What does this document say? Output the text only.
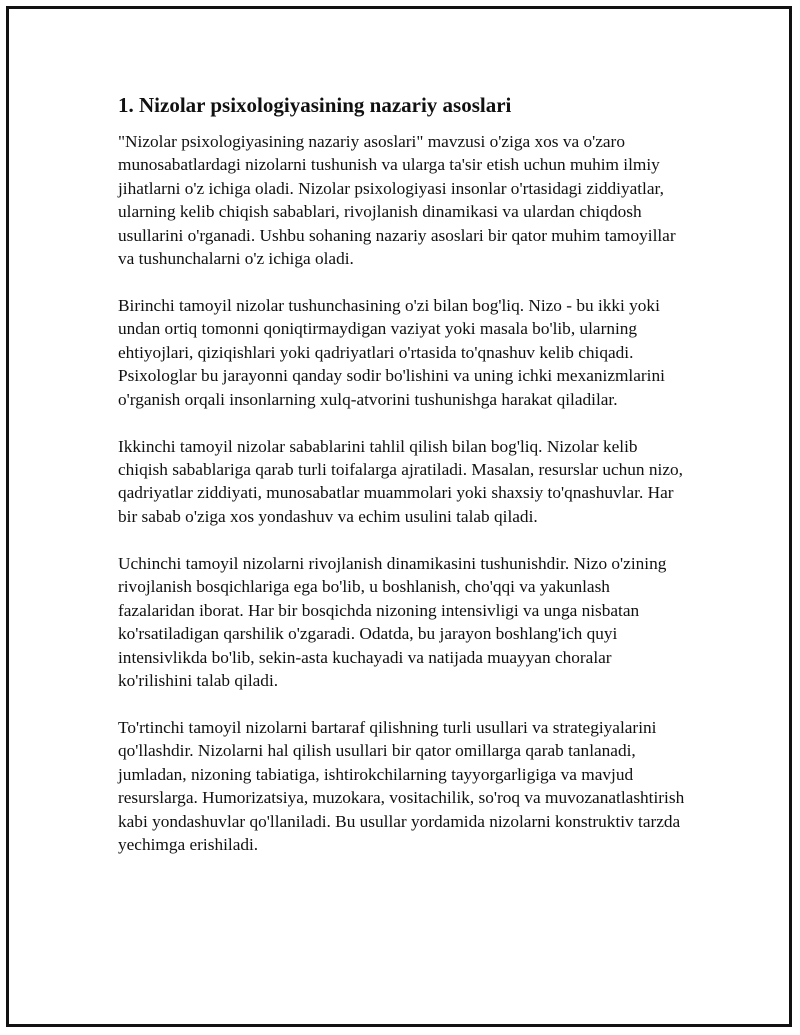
1. Nizolar psixologiyasining nazariy asoslari

"Nizolar psixologiyasining nazariy asoslari" mavzusi o'ziga xos va o'zaro munosabatlardagi nizolarni tushunish va ularga ta'sir etish uchun muhim ilmiy jihatlarni o'z ichiga oladi. Nizolar psixologiyasi insonlar o'rtasidagi ziddiyatlar, ularning kelib chiqish sabablari, rivojlanish dinamikasi va ulardan chiqdosh usullarini o'rganadi. Ushbu sohaning nazariy asoslari bir qator muhim tamoyillar va tushunchalarni o'z ichiga oladi.

Birinchi tamoyil nizolar tushunchasining o'zi bilan bog'liq. Nizo - bu ikki yoki undan ortiq tomonni qoniqtirmaydigan vaziyat yoki masala bo'lib, ularning ehtiyojlari, qiziqishlari yoki qadriyatlari o'rtasida to'qnashuv kelib chiqadi. Psixologlar bu jarayonni qanday sodir bo'lishini va uning ichki mexanizmlarini o'rganish orqali insonlarning xulq-atvorini tushunishga harakat qiladilar.

Ikkinchi tamoyil nizolar sabablarini tahlil qilish bilan bog'liq. Nizolar kelib chiqish sabablariga qarab turli toifalarga ajratiladi. Masalan, resurslar uchun nizo, qadriyatlar ziddiyati, munosabatlar muammolari yoki shaxsiy to'qnashuvlar. Har bir sabab o'ziga xos yondashuv va echim usulini talab qiladi.

Uchinchi tamoyil nizolarni rivojlanish dinamikasini tushunishdir. Nizo o'zining rivojlanish bosqichlariga ega bo'lib, u boshlanish, cho'qqi va yakunlash fazalaridan iborat. Har bir bosqichda nizoning intensivligi va unga nisbatan ko'rsatiladigan qarshilik o'zgaradi. Odatda, bu jarayon boshlang'ich quyi intensivlikda bo'lib, sekin-asta kuchayadi va natijada muayyan choralar ko'rilishini talab qiladi.

To'rtinchi tamoyil nizolarni bartaraf qilishning turli usullari va strategiyalarini qo'llashdir. Nizolarni hal qilish usullari bir qator omillarga qarab tanlanadi, jumladan, nizoning tabiatiga, ishtirokchilarning tayyorgarligiga va mavjud resurslarga. Humorizatsiya, muzokara, vositachilik, so'roq va muvozanatlashtirish kabi yondashuvlar qo'llaniladi. Bu usullar yordamida nizolarni konstruktiv tarzda yechimga erishiladi.
